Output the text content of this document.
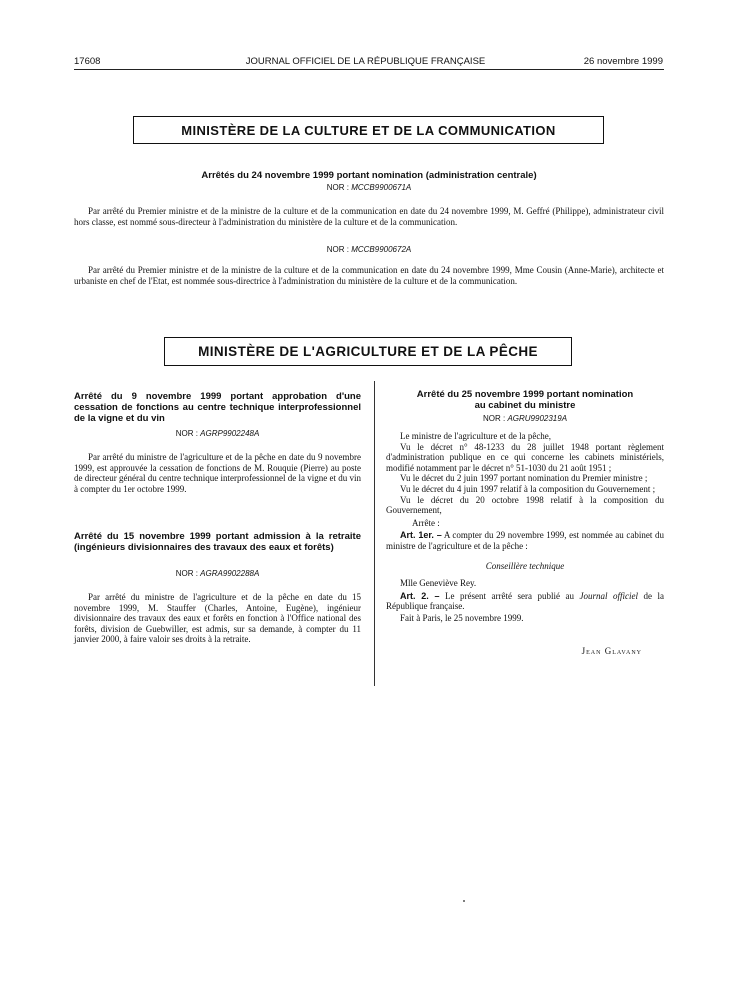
17608	JOURNAL OFFICIEL DE LA RÉPUBLIQUE FRANÇAISE	26 novembre 1999
MINISTÈRE DE LA CULTURE ET DE LA COMMUNICATION
Arrêtés du 24 novembre 1999 portant nomination (administration centrale)
NOR : MCCB9900671A

Par arrêté du Premier ministre et de la ministre de la culture et de la communication en date du 24 novembre 1999, M. Geffré (Philippe), administrateur civil hors classe, est nommé sous-directeur à l'administration du ministère de la culture et de la communication.

NOR : MCCB9900672A

Par arrêté du Premier ministre et de la ministre de la culture et de la communication en date du 24 novembre 1999, Mme Cousin (Anne-Marie), architecte et urbaniste en chef de l'Etat, est nommée sous-directrice à l'administration du ministère de la culture et de la communication.

MINISTÈRE DE L'AGRICULTURE ET DE LA PÊCHE
Arrêté du 9 novembre 1999 portant approbation d'une cessation de fonctions au centre technique interprofessionnel de la vigne et du vin
NOR : AGRP9902248A

Par arrêté du ministre de l'agriculture et de la pêche en date du 9 novembre 1999, est approuvée la cessation de fonctions de M. Rouquie (Pierre) au poste de directeur général du centre technique interprofessionnel de la vigne et du vin à compter du 1er octobre 1999.

Arrêté du 15 novembre 1999 portant admission à la retraite (ingénieurs divisionnaires des travaux des eaux et forêts)
NOR : AGRA9902288A

Par arrêté du ministre de l'agriculture et de la pêche en date du 15 novembre 1999, M. Stauffer (Charles, Antoine, Eugène), ingénieur divisionnaire des travaux des eaux et forêts en fonction à l'Office national des forêts, division de Guebwiller, est admis, sur sa demande, à compter du 11 janvier 2000, à faire valoir ses droits à la retraite.

Arrêté du 25 novembre 1999 portant nomination
au cabinet du ministre
NOR : AGRU9902319A

Le ministre de l'agriculture et de la pêche,

Vu le décret n° 48-1233 du 28 juillet 1948 portant règlement d'administration publique en ce qui concerne les cabinets ministériels, modifié notamment par le décret n° 51-1030 du 21 août 1951 ;

Vu le décret du 2 juin 1997 portant nomination du Premier ministre ;

Vu le décret du 4 juin 1997 relatif à la composition du Gouvernement ;

Vu le décret du 20 octobre 1998 relatif à la composition du Gouvernement,

Arrête :

Art. 1er. – A compter du 29 novembre 1999, est nommée au cabinet du ministre de l'agriculture et de la pêche :

Conseillère technique

Mlle Geneviève Rey.

Art. 2. – Le présent arrêté sera publié au Journal officiel de la République française.

Fait à Paris, le 25 novembre 1999.

Jean Glavany
